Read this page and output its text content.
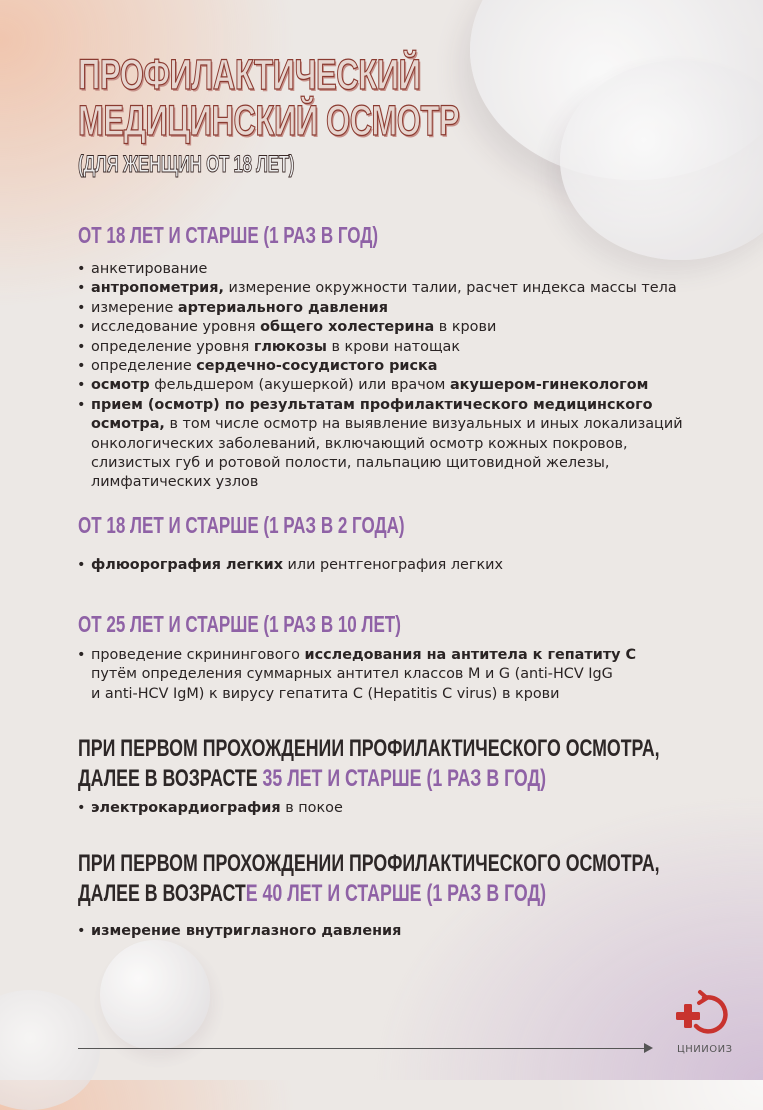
ПРОФИЛАКТИЧЕСКИЙ
МЕДИЦИНСКИЙ ОСМОТР
(ДЛЯ ЖЕНЩИН ОТ 18 ЛЕТ)
ОТ 18 ЛЕТ И СТАРШЕ (1 РАЗ В ГОД)
• анкетирование
• антропометрия, измерение окружности талии, расчет индекса массы тела
• измерение артериального давления
• исследование уровня общего холестерина в крови
• определение уровня глюкозы в крови натощак
• определение сердечно-сосудистого риска
• осмотр фельдшером (акушеркой) или врачом акушером-гинекологом
• прием (осмотр) по результатам профилактического медицинского
осмотра, в том числе осмотр на выявление визуальных и иных локализаций
онкологических заболеваний, включающий осмотр кожных покровов,
слизистых губ и ротовой полости, пальпацию щитовидной железы,
лимфатических узлов
ОТ 18 ЛЕТ И СТАРШЕ (1 РАЗ В 2 ГОДА)
• флюорография легких или рентгенография легких
ОТ 25 ЛЕТ И СТАРШЕ (1 РАЗ В 10 ЛЕТ)
• проведение скринингового исследования на антитела к гепатиту С
путём определения суммарных антител классов М и G (anti-HCV IgG
и anti-HCV IgM) к вирусу гепатита С (Hepatitis C virus) в крови
ПРИ ПЕРВОМ ПРОХОЖДЕНИИ ПРОФИЛАКТИЧЕСКОГО ОСМОТРА,
ДАЛЕЕ В ВОЗРАСТЕ 35 ЛЕТ И СТАРШЕ (1 РАЗ В ГОД)
• электрокардиография в покое
ПРИ ПЕРВОМ ПРОХОЖДЕНИИ ПРОФИЛАКТИЧЕСКОГО ОСМОТРА,
ДАЛЕЕ В ВОЗРАСТЕ 40 ЛЕТ И СТАРШЕ (1 РАЗ В ГОД)
• измерение внутриглазного давления
ЦНИИОИЗ
